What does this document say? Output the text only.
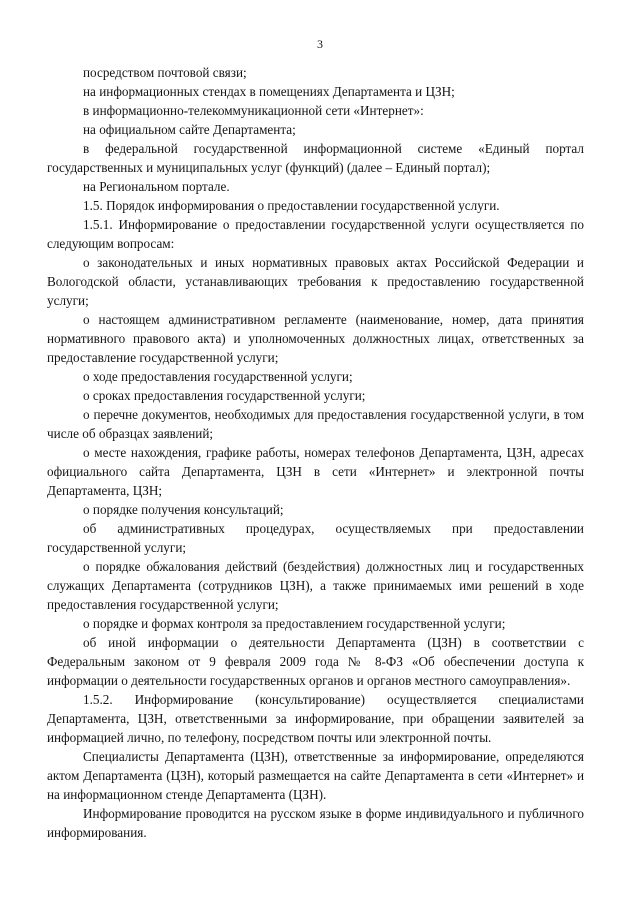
3

посредством почтовой связи;

на информационных стендах в помещениях Департамента и ЦЗН;

в информационно-телекоммуникационной сети «Интернет»:

на официальном сайте Департамента;

в федеральной государственной информационной системе «Единый портал государственных и муниципальных услуг (функций) (далее – Единый портал);

на Региональном портале.

1.5. Порядок информирования о предоставлении государственной услуги.

1.5.1. Информирование о предоставлении государственной услуги осуществляется по следующим вопросам:

о законодательных и иных нормативных правовых актах Российской Федерации и Вологодской области, устанавливающих требования к предоставлению государственной услуги;

о настоящем административном регламенте (наименование, номер, дата принятия нормативного правового акта) и уполномоченных должностных лицах, ответственных за предоставление государственной услуги;

о ходе предоставления государственной услуги;

о сроках предоставления государственной услуги;

о перечне документов, необходимых для предоставления государственной услуги, в том числе об образцах заявлений;

о месте нахождения, графике работы, номерах телефонов Департамента, ЦЗН, адресах официального сайта Департамента, ЦЗН в сети «Интернет» и электронной почты Департамента, ЦЗН;

о порядке получения консультаций;

об административных процедурах, осуществляемых при предоставлении государственной услуги;

о порядке обжалования действий (бездействия) должностных лиц и государственных служащих Департамента (сотрудников ЦЗН), а также принимаемых ими решений в ходе предоставления государственной услуги;

о порядке и формах контроля за предоставлением государственной услуги;

об иной информации о деятельности Департамента (ЦЗН) в соответствии с Федеральным законом от 9 февраля 2009 года № 8-ФЗ «Об обеспечении доступа к информации о деятельности государственных органов и органов местного самоуправления».

1.5.2. Информирование (консультирование) осуществляется специалистами Департамента, ЦЗН, ответственными за информирование, при обращении заявителей за информацией лично, по телефону, посредством почты или электронной почты.

Специалисты Департамента (ЦЗН), ответственные за информирование, определяются актом Департамента (ЦЗН), который размещается на сайте Департамента в сети «Интернет» и на информационном стенде Департамента (ЦЗН).

Информирование проводится на русском языке в форме индивидуального и публичного информирования.
